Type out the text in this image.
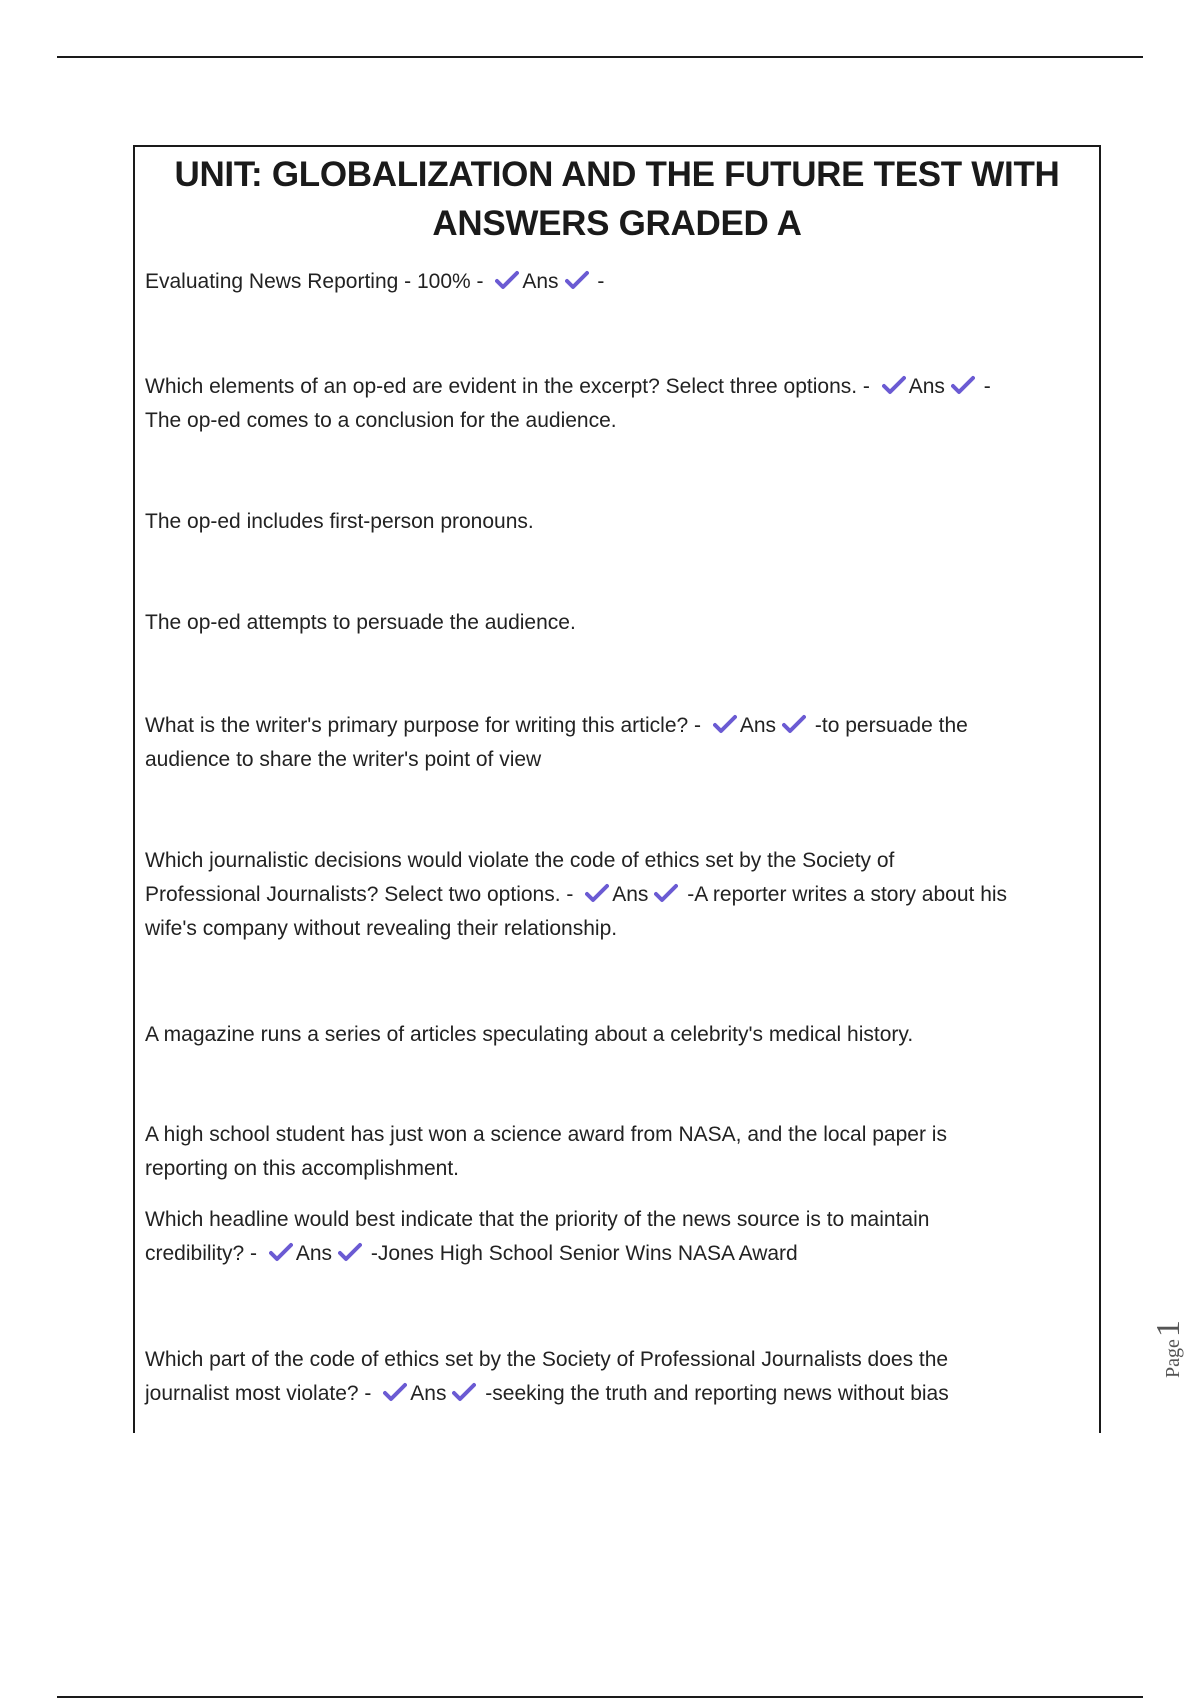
UNIT: GLOBALIZATION AND THE FUTURE TEST WITH
ANSWERS GRADED A

Evaluating News Reporting - 100% -
Ans
-

Which elements of an op-ed are evident in the excerpt? Select three options. -
Ans
-
The op-ed comes to a conclusion for the audience.

The op-ed includes first-person pronouns.

The op-ed attempts to persuade the audience.

What is the writer's primary purpose for writing this article? -
Ans
-to persuade the
audience to share the writer's point of view

Which journalistic decisions would violate the code of ethics set by the Society of
Professional Journalists? Select two options. -
Ans
-A reporter writes a story about his
wife's company without revealing their relationship.

A magazine runs a series of articles speculating about a celebrity's medical history.

A high school student has just won a science award from NASA, and the local paper is
reporting on this accomplishment.

Which headline would best indicate that the priority of the news source is to maintain
credibility? -
Ans
-Jones High School Senior Wins NASA Award

Which part of the code of ethics set by the Society of Professional Journalists does the
journalist most violate? -
Ans
-seeking the truth and reporting news without bias

Page1
